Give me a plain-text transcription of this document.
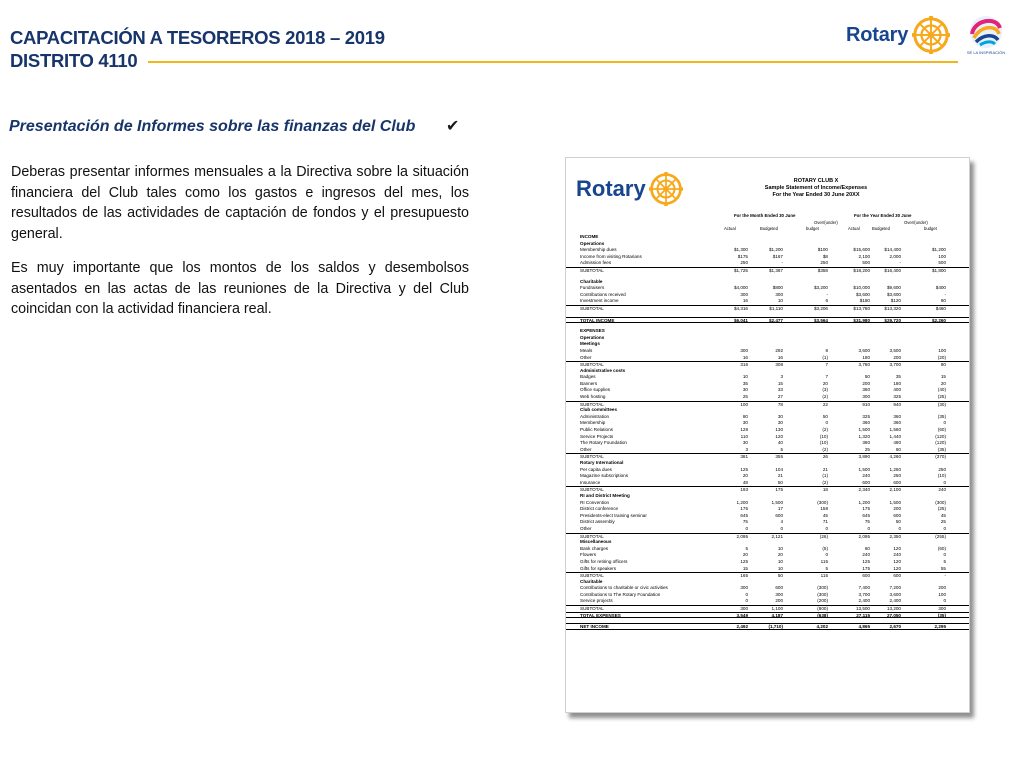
CAPACITACIÓN A TESOREROS 2018 – 2019
DISTRITO 4110
Rotary
SÉ LA INSPIRACIÓN
Presentación de Informes sobre las finanzas del Club ✔

Deberas presentar informes mensuales a la Directiva sobre la situación financiera del Club tales como los gastos e ingresos del mes, los resultados de las actividades de captación de fondos y el presupuesto general.

Es muy importante que los montos de los saldos y desembolsos asentados en las actas de las reuniones de la Directiva y del Club coincidan con la actividad financiera real.

Rotary	ROTARY CLUB X
Sample Statement of Income/Expenses
For the Year Ended 30 June 20XX
For the Month Ended 30 June	For the Year Ended 30 June
Over/(under)	Over/(under)
Actual	Budgeted	budget	Actual	Budgeted	budget
INCOME
Operations
Membership dues	$1,300	$1,200	$100	$15,600	$14,400	$1,200
Income from visiting Rotarians	$175	$167	$8	2,100	2,000	100
Admission fees	250	-	250	500	-	500
SUBTOTAL	$1,725	$1,367	$358	$18,200	$16,400	$1,800
Charitable
Fundraisers	$4,000	$800	$3,200	$10,000	$9,600	$400
Contributions received	300	300	-	$3,600	$3,600	-
Investment income	16	10	6	$180	$120	60
SUBTOTAL	$4,316	$1,110	$3,206	$13,780	$13,320	$460
TOTAL INCOME	$6,041	$2,477	$3,564	$31,980	$29,720	$2,260
EXPENSES
Operations
Meetings
Meals	300	292	8	3,600	3,500	100
Other	16	16	(1)	180	200	(20)
SUBTOTAL	316	308	7	3,780	3,700	80
Administrative costs
Badges	10	3	7	50	35	15
Banners	35	15	20	200	180	20
Office supplies	30	33	(3)	360	400	(40)
Web hosting	25	27	(2)	300	325	(25)
SUBTOTAL	100	78	22	910	940	(30)
Club committees
Administration	80	30	50	325	360	(35)
Membership	30	30	0	360	360	0
Public Relations	128	130	(2)	1,500	1,560	(60)
Service Projects	110	120	(10)	1,320	1,440	(120)
The Rotary Foundation	30	40	(10)	360	480	(120)
Other	3	5	(2)	25	60	(35)
SUBTOTAL	381	355	26	3,890	4,260	(370)
Rotary International
Per capita dues	125	104	21	1,500	1,250	250
Magazine subscriptions	20	21	(1)	240	250	(10)
Insurance	48	50	(2)	600	600	0
SUBTOTAL	193	175	18	2,340	2,100	240
RI and District Meeting
RI Convention	1,200	1,500	(300)	1,200	1,500	(300)
District conference	175	17	158	175	200	(25)
Presidents-elect training seminar	645	600	45	645	600	45
District assembly	75	4	71	75	50	25
Other	0	0	0	0	0	0
SUBTOTAL	2,095	2,121	(26)	2,095	2,350	(255)
Miscellaneous
Bank charges	5	10	(5)	60	120	(60)
Flowers	20	20	0	240	240	0
Gifts for retiring officers	125	10	115	125	120	5
Gifts for speakers	15	10	5	175	120	55
SUBTOTAL	165	50	115	600	600	-
Charitable
Contributions to charitable or civic activities	300	600	(300)	7,400	7,200	200
Contributions to The Rotary Foundation	0	300	(300)	3,700	3,600	100
Service projects	0	200	(200)	2,400	2,400	0
SUBTOTAL	300	1,100	(800)	13,500	13,200	300
TOTAL EXPENSES	3,549	4,187	(638)	27,115	27,050	(35)
NET INCOME	2,492	(1,710)	4,202	4,865	2,670	2,295
